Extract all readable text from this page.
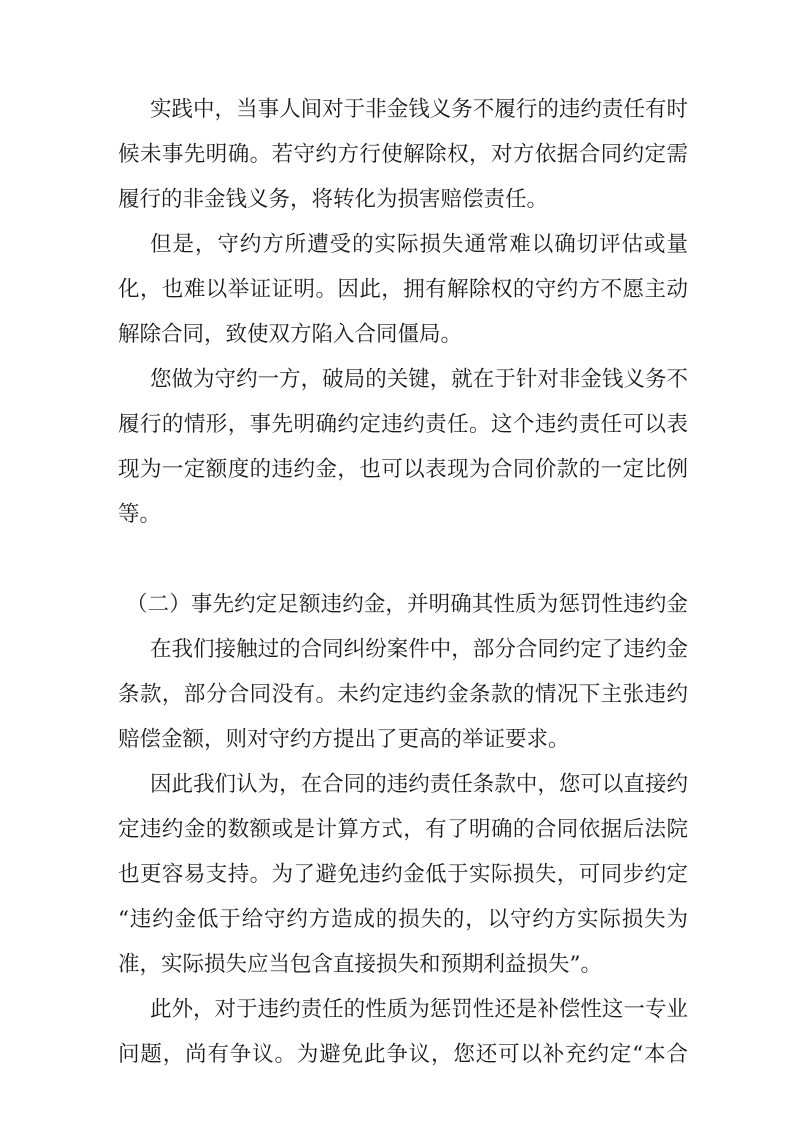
实践中，当事人间对于非金钱义务不履行的违约责任有时
候未事先明确。若守约方行使解除权，对方依据合同约定需
履行的非金钱义务，将转化为损害赔偿责任。
但是，守约方所遭受的实际损失通常难以确切评估或量
化，也难以举证证明。因此，拥有解除权的守约方不愿主动
解除合同，致使双方陷入合同僵局。
您做为守约一方，破局的关键，就在于针对非金钱义务不
履行的情形，事先明确约定违约责任。这个违约责任可以表
现为一定额度的违约金，也可以表现为合同价款的一定比例
等。
（二）事先约定足额违约金，并明确其性质为惩罚性违约金
在我们接触过的合同纠纷案件中，部分合同约定了违约金
条款，部分合同没有。未约定违约金条款的情况下主张违约
赔偿金额，则对守约方提出了更高的举证要求。
因此我们认为，在合同的违约责任条款中，您可以直接约
定违约金的数额或是计算方式，有了明确的合同依据后法院
也更容易支持。为了避免违约金低于实际损失，可同步约定
“违约金低于给守约方造成的损失的，以守约方实际损失为
准，实际损失应当包含直接损失和预期利益损失”。
此外，对于违约责任的性质为惩罚性还是补偿性这一专业
问题，尚有争议。为避免此争议，您还可以补充约定“本合
